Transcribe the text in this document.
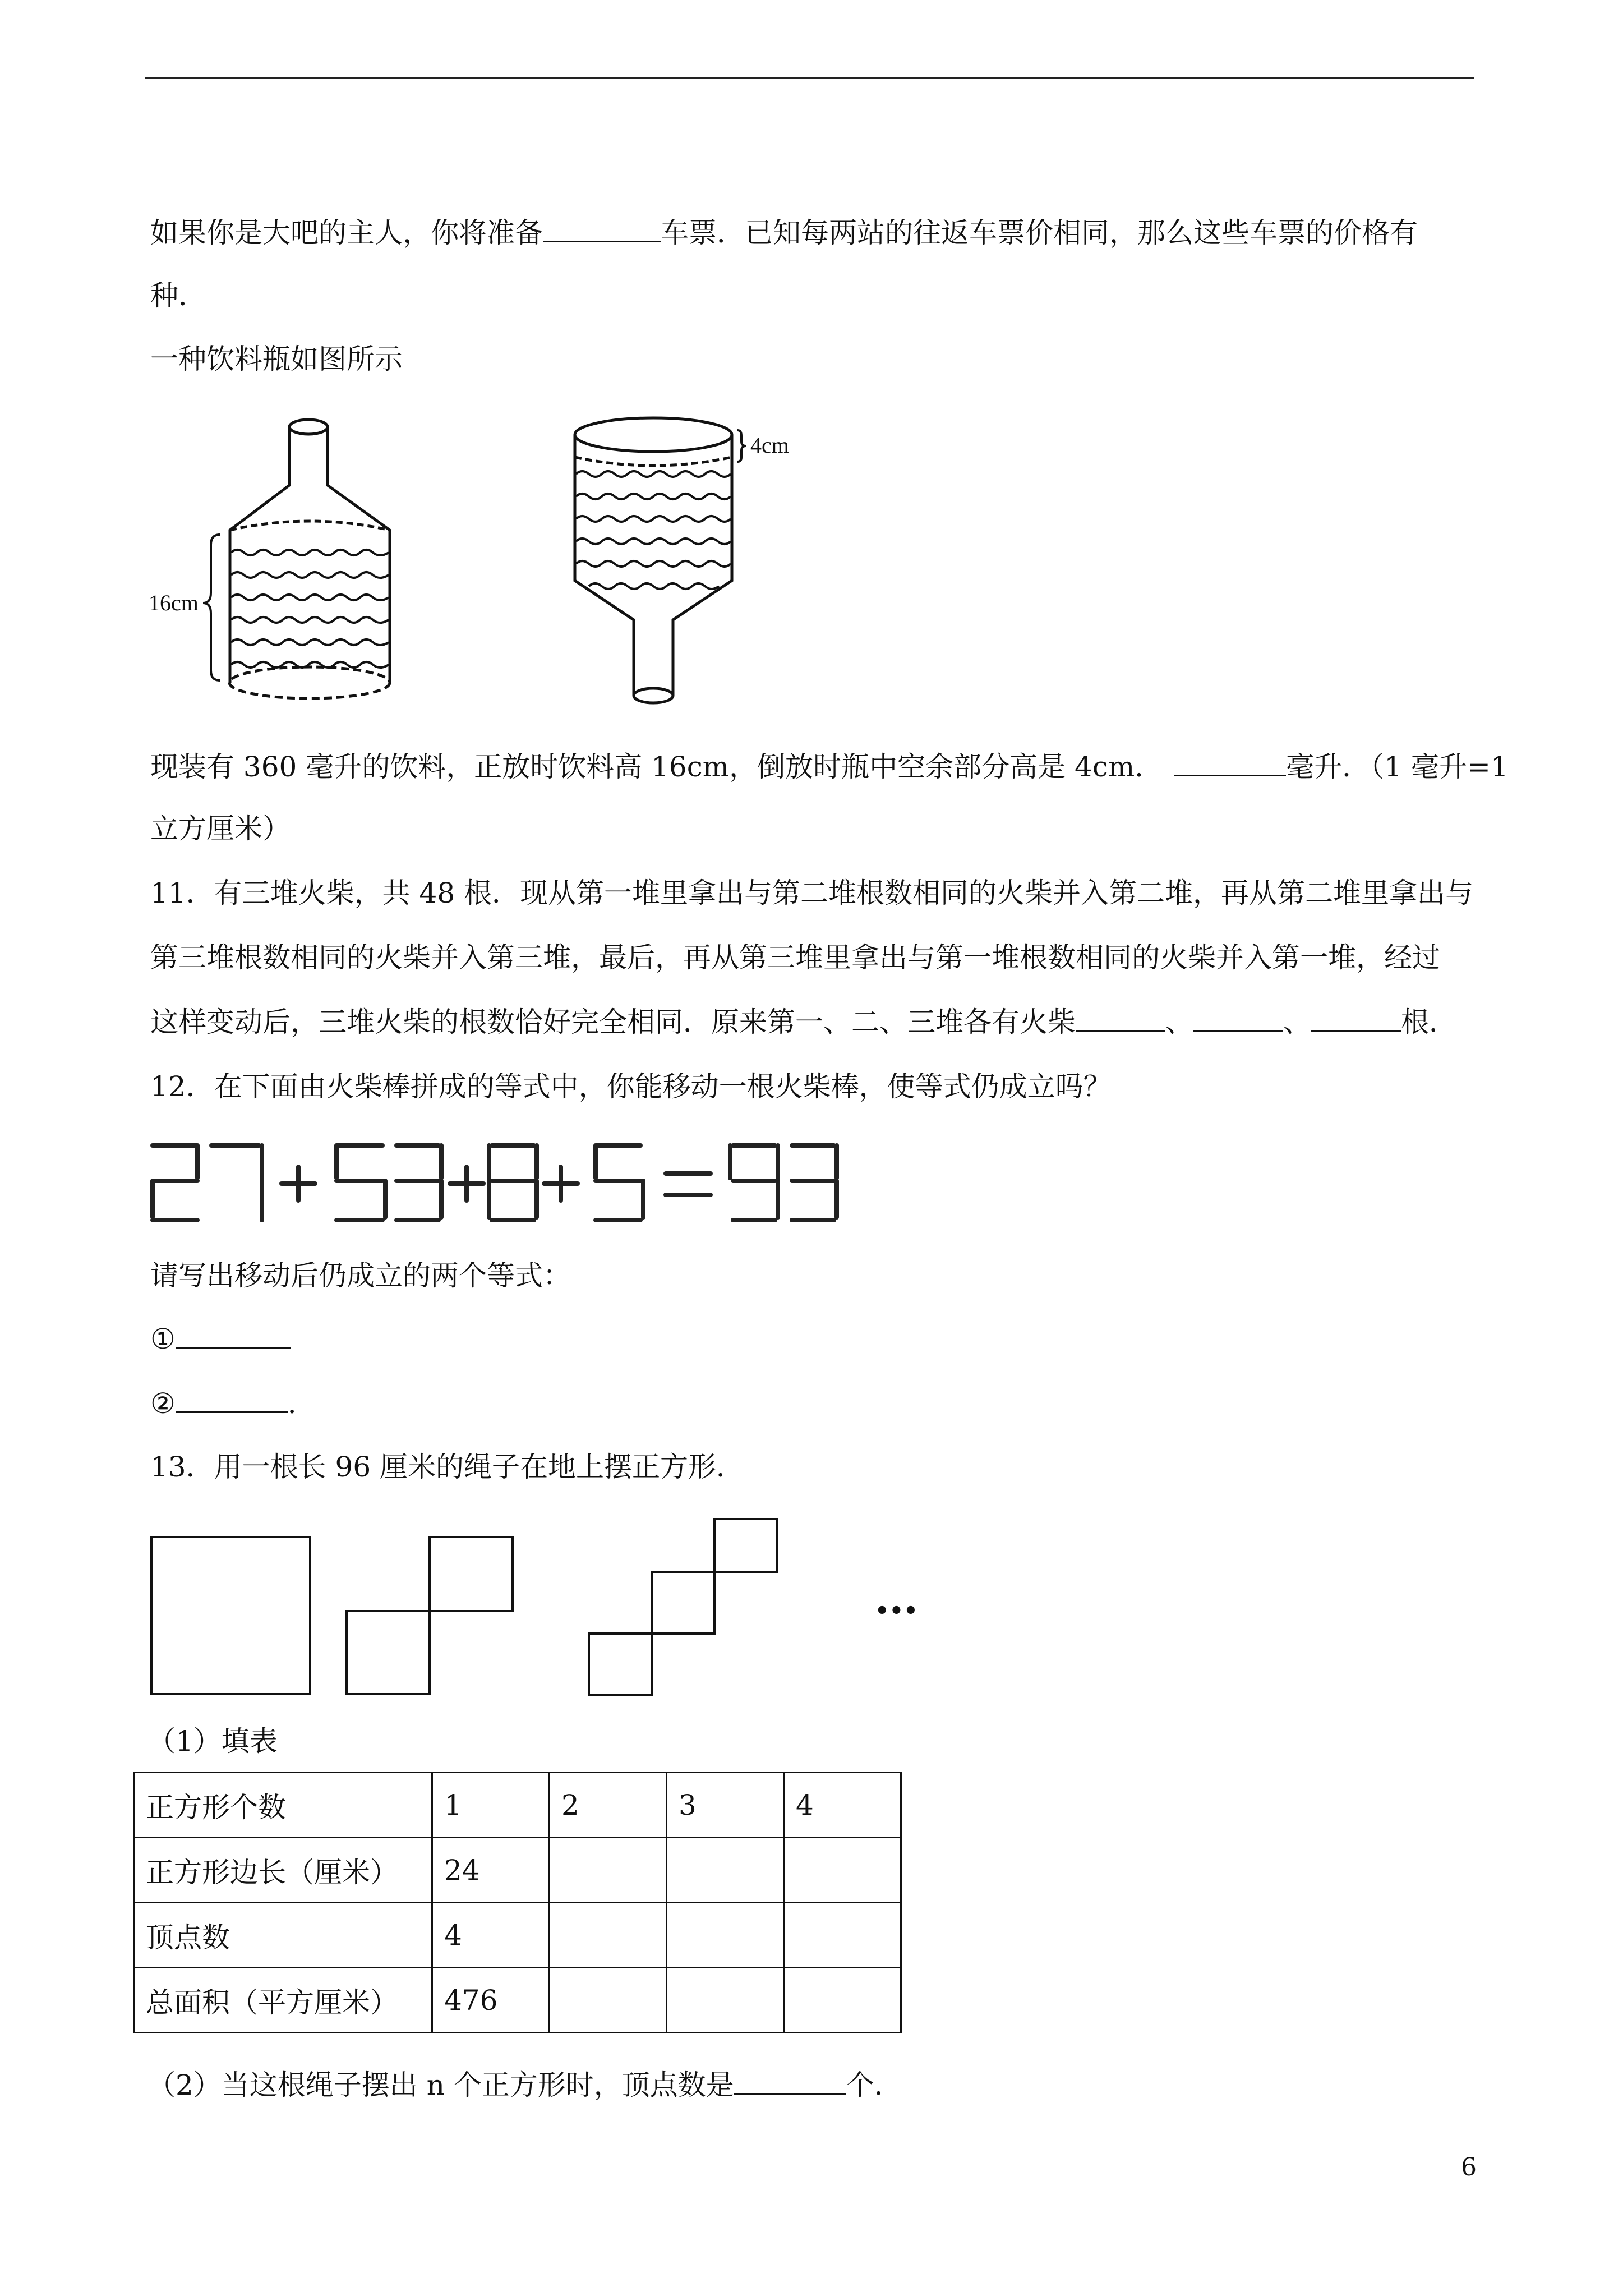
如果你是大吧的主人，你将准备	车票．已知每两站的往返车票价相同，那么这些车票的价格有
种．
一种饮料瓶如图所示
16cm
4cm
现装有 360 毫升的饮料，正放时饮料高 16cm，倒放时瓶中空余部分高是 4cm．	毫升．（1 毫升=1
立方厘米）
11．有三堆火柴，共 48 根．现从第一堆里拿出与第二堆根数相同的火柴并入第二堆，再从第二堆里拿出与
第三堆根数相同的火柴并入第三堆，最后，再从第三堆里拿出与第一堆根数相同的火柴并入第一堆，经过
这样变动后，三堆火柴的根数恰好完全相同．原来第一、二、三堆各有火柴	、	、	根．
12．在下面由火柴棒拼成的等式中，你能移动一根火柴棒，使等式仍成立吗？
27+53+8+5=93
请写出移动后仍成立的两个等式：
①
②	．
13．用一根长 96 厘米的绳子在地上摆正方形．
•••
（1）填表
正方形个数	1	2	3	4
正方形边长（厘米）	24			
顶点数	4			
总面积（平方厘米）	476			
（2）当这根绳子摆出 n 个正方形时，顶点数是	个．
6
